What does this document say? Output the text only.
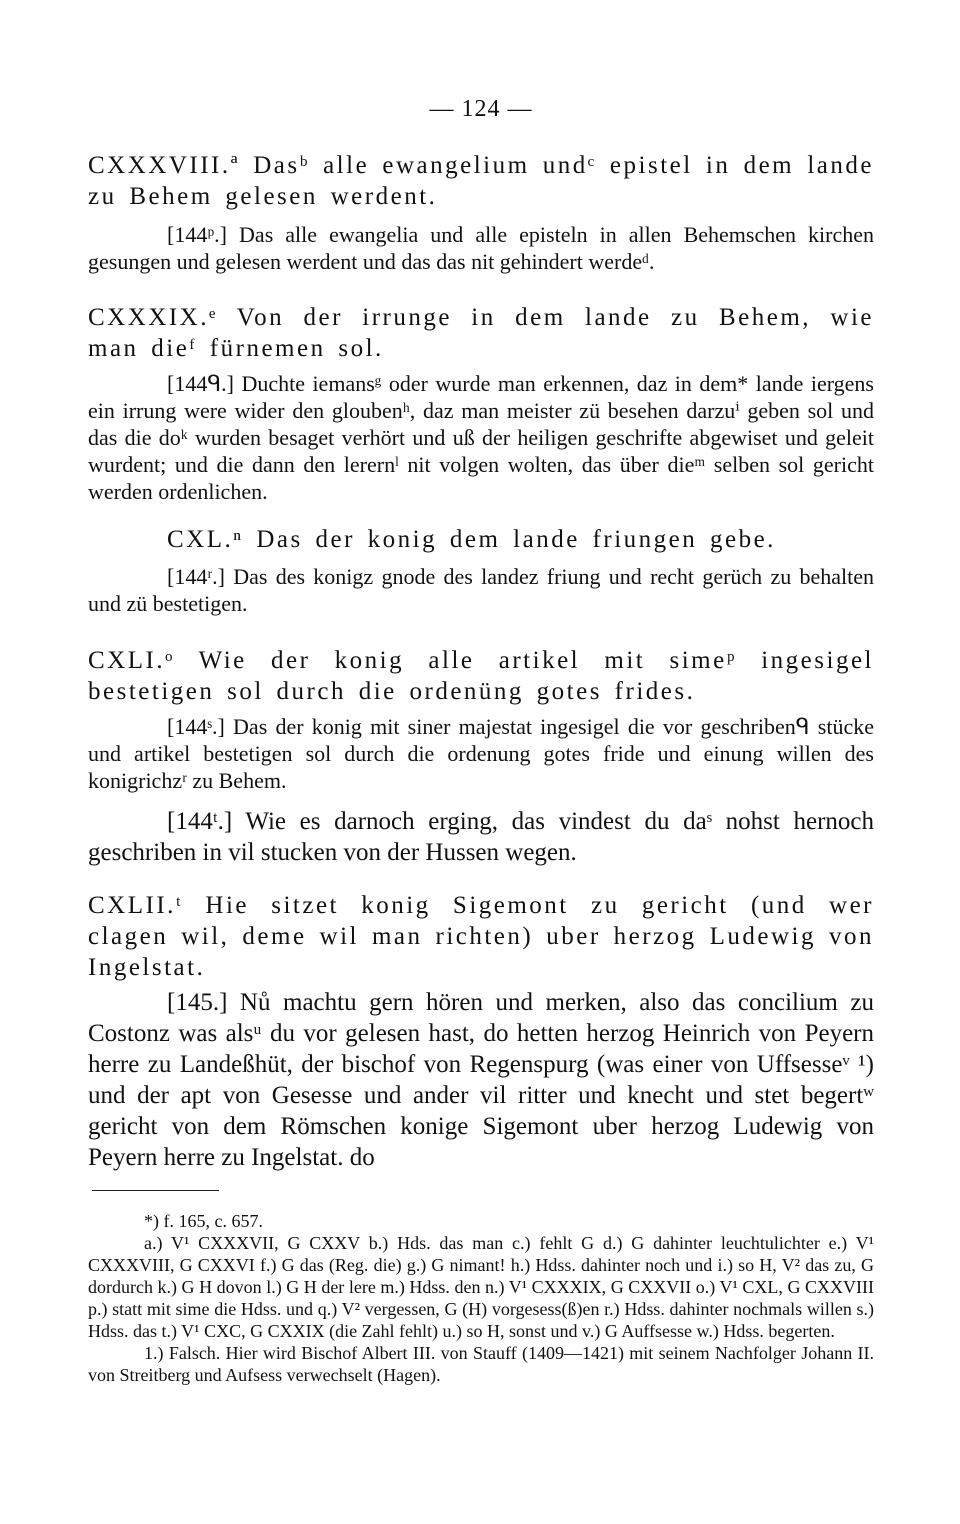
— 124 —

CXXXVIII.ª Dasᵇ alle ewangelium undᶜ epistel in dem lande zu Behem gelesen werdent.

[144ᵖ.] Das alle ewangelia und alle episteln in allen Behemschen kirchen gesungen und gelesen werdent und das das nit gehindert werdeᵈ.

CXXXIX.ᵉ Von der irrunge in dem lande zu Behem, wie man dieᶠ fürnemen sol.

[144ᑫ.] Duchte iemansᵍ oder wurde man erkennen, daz in dem* lande iergens ein irrung were wider den gloubenʰ, daz man meister zü besehen darzuⁱ geben sol und das die doᵏ wurden besaget verhört und uß der heiligen geschrifte abgewiset und geleit wurdent; und die dann den lerernˡ nit volgen wolten, das über dieᵐ selben sol gericht werden ordenlichen.

CXL.ⁿ Das der konig dem lande friungen gebe.

[144ʳ.] Das des konigz gnode des landez friung und recht gerüch zu behalten und zü bestetigen.

CXLI.ᵒ Wie der konig alle artikel mit simeᵖ ingesigel bestetigen sol durch die ordenüng gotes frides.

[144ˢ.] Das der konig mit siner majestat ingesigel die vor geschribenᑫ stücke und artikel bestetigen sol durch die ordenung gotes fride und einung willen des konigrichzʳ zu Behem.

[144ᵗ.] Wie es darnoch erging, das vindest du daˢ nohst hernoch geschriben in vil stucken von der Hussen wegen.

CXLII.ᵗ Hie sitzet konig Sigemont zu gericht (und wer clagen wil, deme wil man richten) uber herzog Ludewig von Ingelstat.

[145.] Nů machtu gern hören und merken, also das concilium zu Costonz was alsᵘ du vor gelesen hast, do hetten herzog Heinrich von Peyern herre zu Landeßhüt, der bischof von Regenspurg (was einer von Uffsesseᵛ ¹) und der apt von Gesesse und ander vil ritter und knecht und stet begertʷ gericht von dem Römschen konige Sigemont uber herzog Ludewig von Peyern herre zu Ingelstat. do

*) f. 165, c. 657.

a.) V¹ CXXXVII, G CXXV b.) Hds. das man c.) fehlt G d.) G dahinter leuchtulichter e.) V¹ CXXXVIII, G CXXVI f.) G das (Reg. die) g.) G nimant! h.) Hdss. dahinter noch und i.) so H, V² das zu, G dordurch k.) G H dovon l.) G H der lere m.) Hdss. den n.) V¹ CXXXIX, G CXXVII o.) V¹ CXL, G CXXVIII p.) statt mit sime die Hdss. und q.) V² vergessen, G (H) vorgesess(ß)en r.) Hdss. dahinter nochmals willen s.) Hdss. das t.) V¹ CXC, G CXXIX (die Zahl fehlt) u.) so H, sonst und v.) G Auffsesse w.) Hdss. begerten.

1.) Falsch. Hier wird Bischof Albert III. von Stauff (1409—1421) mit seinem Nachfolger Johann II. von Streitberg und Aufsess verwechselt (Hagen).
